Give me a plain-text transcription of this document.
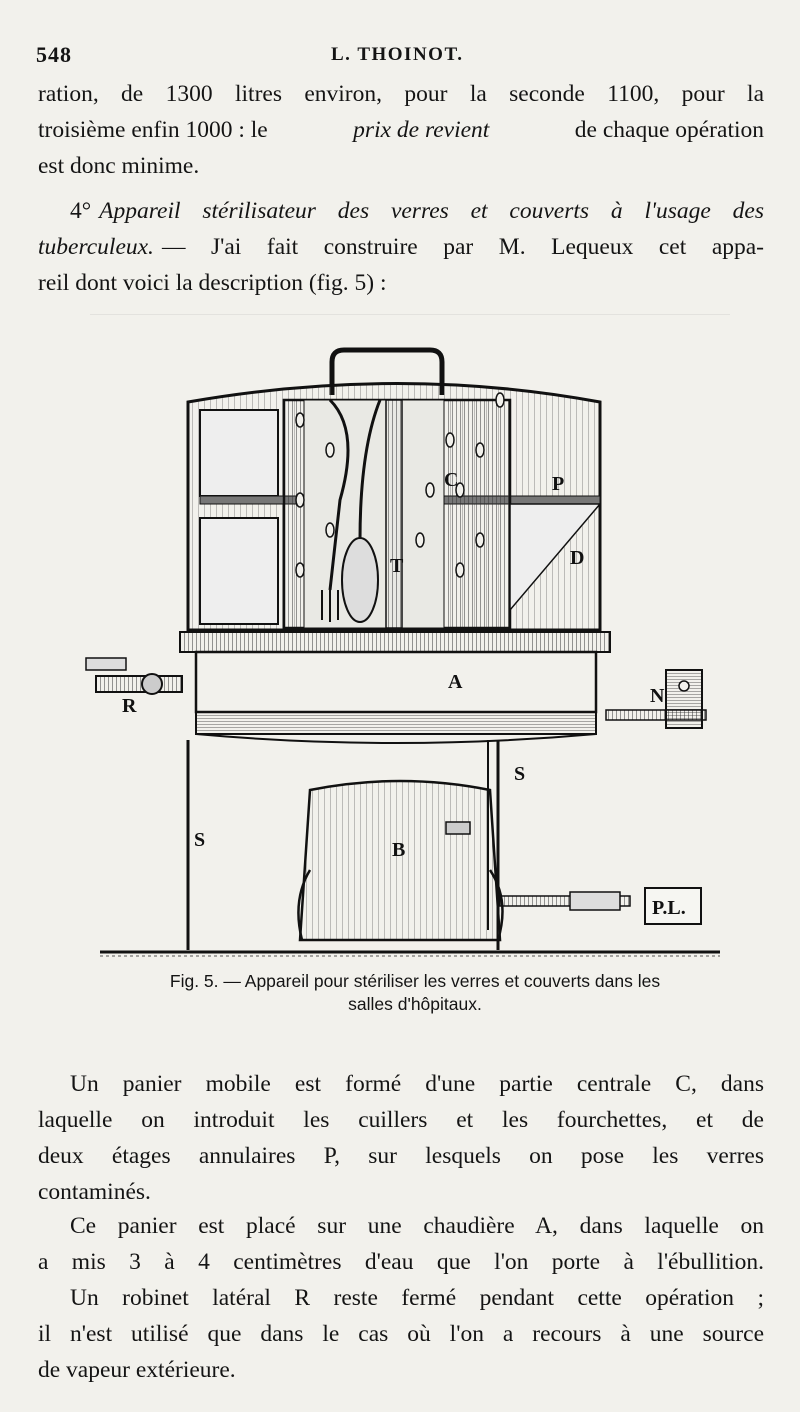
548	L. THOINOT.
ration, de 1300 litres environ, pour la seconde 1100, pour la
troisième enfin 1000 : le	prix de revient	de chaque opération
est donc minime.
4° Appareil stérilisateur des verres et couverts à l'usage des
tuberculeux. — J'ai fait construire par M. Lequeux cet appa-
reil dont voici la description (fig. 5) :
C	P
T	D
A
R	N
S
S	B
P.L.
Fig. 5. — Appareil pour stériliser les verres et couverts dans les
salles d'hôpitaux.
Un panier mobile est formé d'une partie centrale C, dans
laquelle on introduit les cuillers et les fourchettes, et de
deux étages annulaires P, sur lesquels on pose les verres
contaminés.
Ce panier est placé sur une chaudière A, dans laquelle on
a mis 3 à 4 centimètres d'eau que l'on porte à l'ébullition.
Un robinet latéral R reste fermé pendant cette opération ;
il n'est utilisé que dans le cas où l'on a recours à une source
de vapeur extérieure.
